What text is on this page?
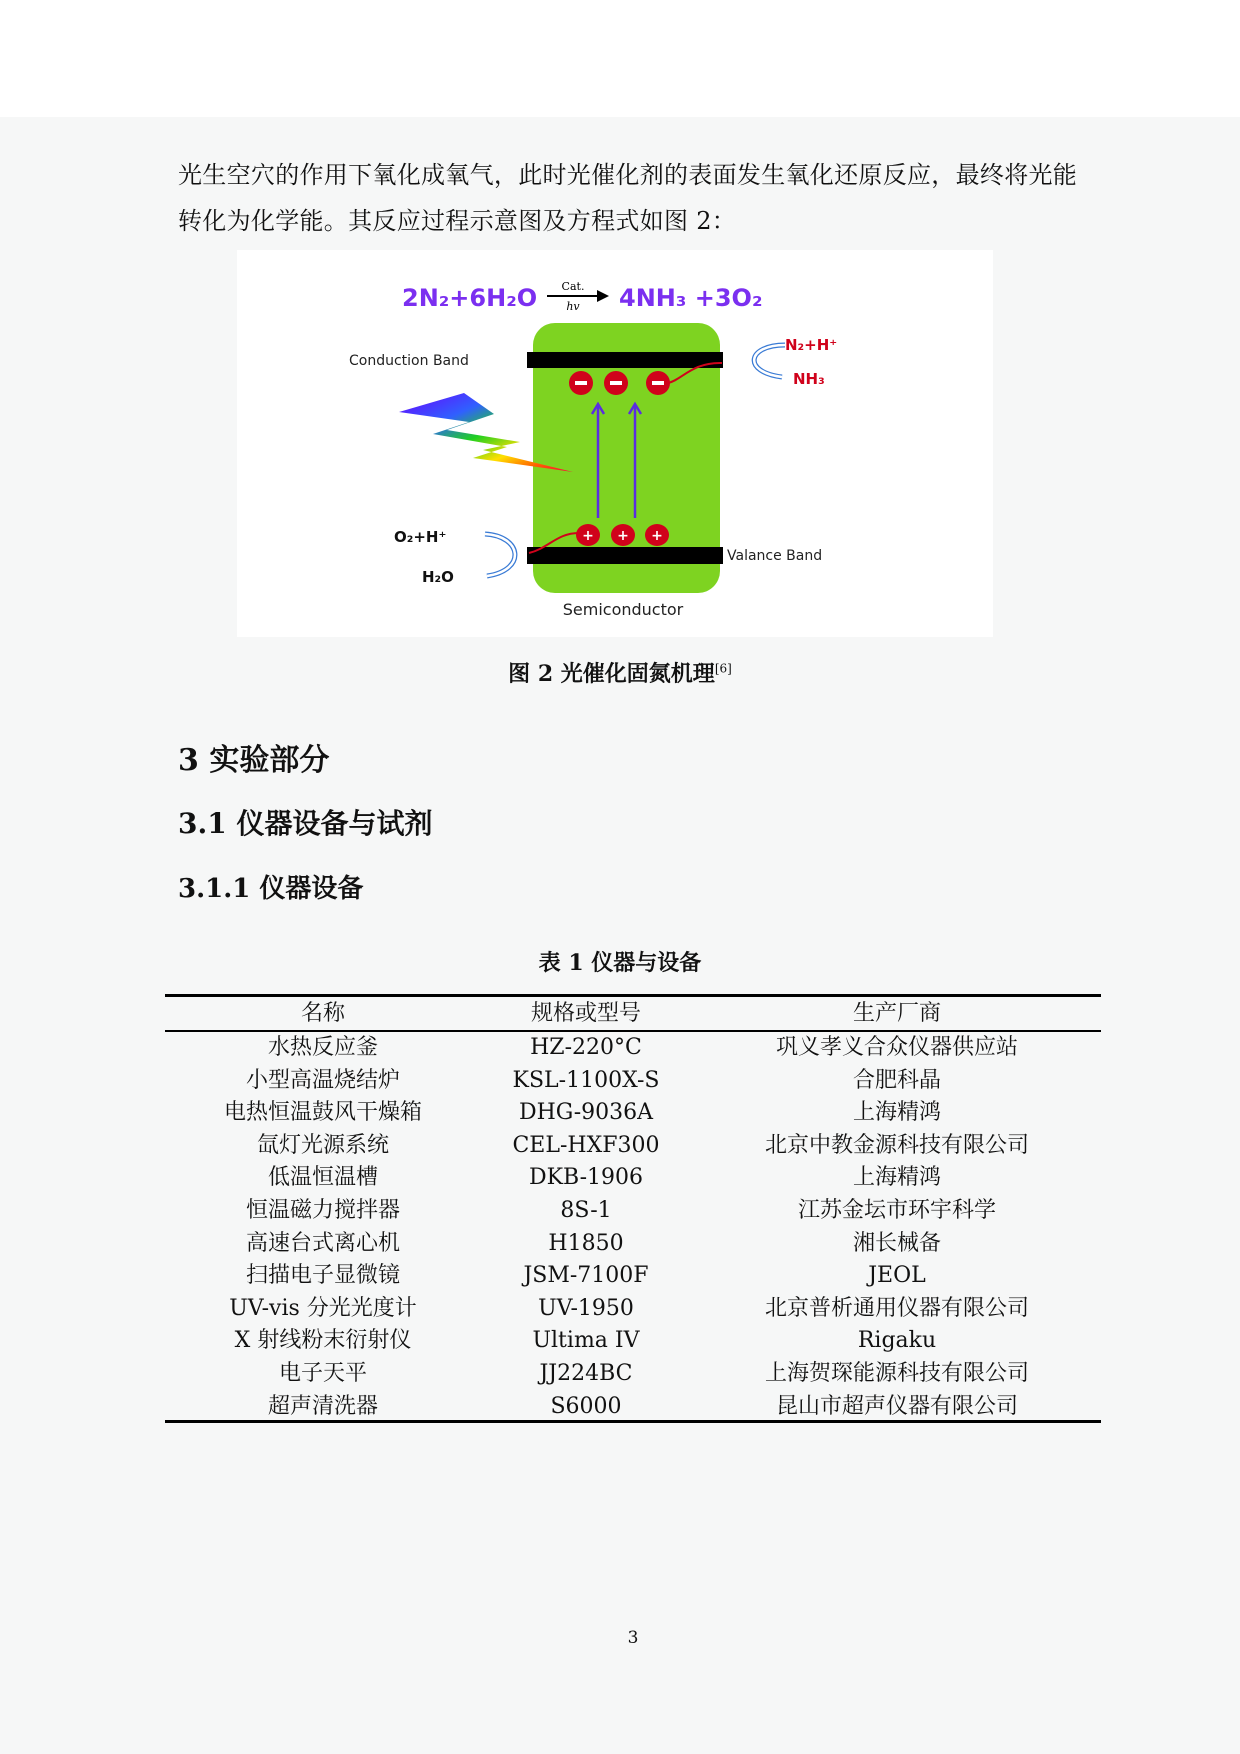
光生空穴的作用下氧化成氧气，此时光催化剂的表面发生氧化还原反应，最终将光能
转化为化学能。其反应过程示意图及方程式如图 2：
2N₂+6H₂O Cat.
hv 4NH₃ +3O₂
Conduction Band
Valance Band
Semiconductor
+ + +
N₂+H⁺
NH₃
O₂+H⁺
H₂O
图 2 光催化固氮机理[6]
3 实验部分
3.1 仪器设备与试剂
3.1.1 仪器设备
表 1 仪器与设备
名称	规格或型号	生产厂商
水热反应釜	HZ-220°C	巩义孝义合众仪器供应站
小型高温烧结炉	KSL-1100X-S	合肥科晶
电热恒温鼓风干燥箱	DHG-9036A	上海精鸿
氙灯光源系统	CEL-HXF300	北京中教金源科技有限公司
低温恒温槽	DKB-1906	上海精鸿
恒温磁力搅拌器	8S-1	江苏金坛市环宇科学
高速台式离心机	H1850	湘长械备
扫描电子显微镜	JSM-7100F	JEOL
UV-vis 分光光度计	UV-1950	北京普析通用仪器有限公司
X 射线粉末衍射仪	Ultima IV	Rigaku
电子天平	JJ224BC	上海贺琛能源科技有限公司
超声清洗器	S6000	昆山市超声仪器有限公司
3
